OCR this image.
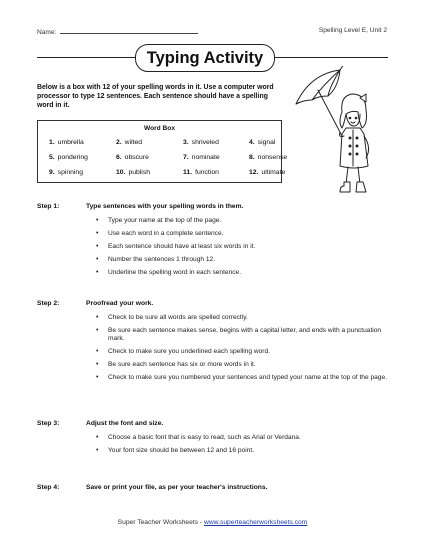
Name:	Spelling Level E, Unit 2
Typing Activity
Below is a box with 12 of your spelling words in it. Use a computer word processor to type 12 sentences. Each sentence should have a spelling word in it.
Word Box
1. umbrella	2. wilted	3. shriveled	4. signal
5. pondering	6. obscure	7. nominate	8. nonsense
9. spinning	10. publish	11. function	12. ultimate
Step 1:	Type sentences with your spelling words in them.
• Type your name at the top of the page.
• Use each word in a complete sentence.
• Each sentence should have at least six words in it.
• Number the sentences 1 through 12.
• Underline the spelling word in each sentence.
Step 2:	Proofread your work.
• Check to be sure all words are spelled correctly.
• Be sure each sentence makes sense, begins with a capital letter, and ends with a punctuation mark.
• Check to make sure you underlined each spelling word.
• Be sure each sentence has six or more words in it.
• Check to make sure you numbered your sentences and typed your name at the top of the page.
Step 3:	Adjust the font and size.
• Choose a basic font that is easy to read, such as Arial or Verdana.
• Your font size should be between 12 and 16 point.
Step 4:	Save or print your file, as per your teacher's instructions.
Super Teacher Worksheets - www.superteacherworksheets.com
